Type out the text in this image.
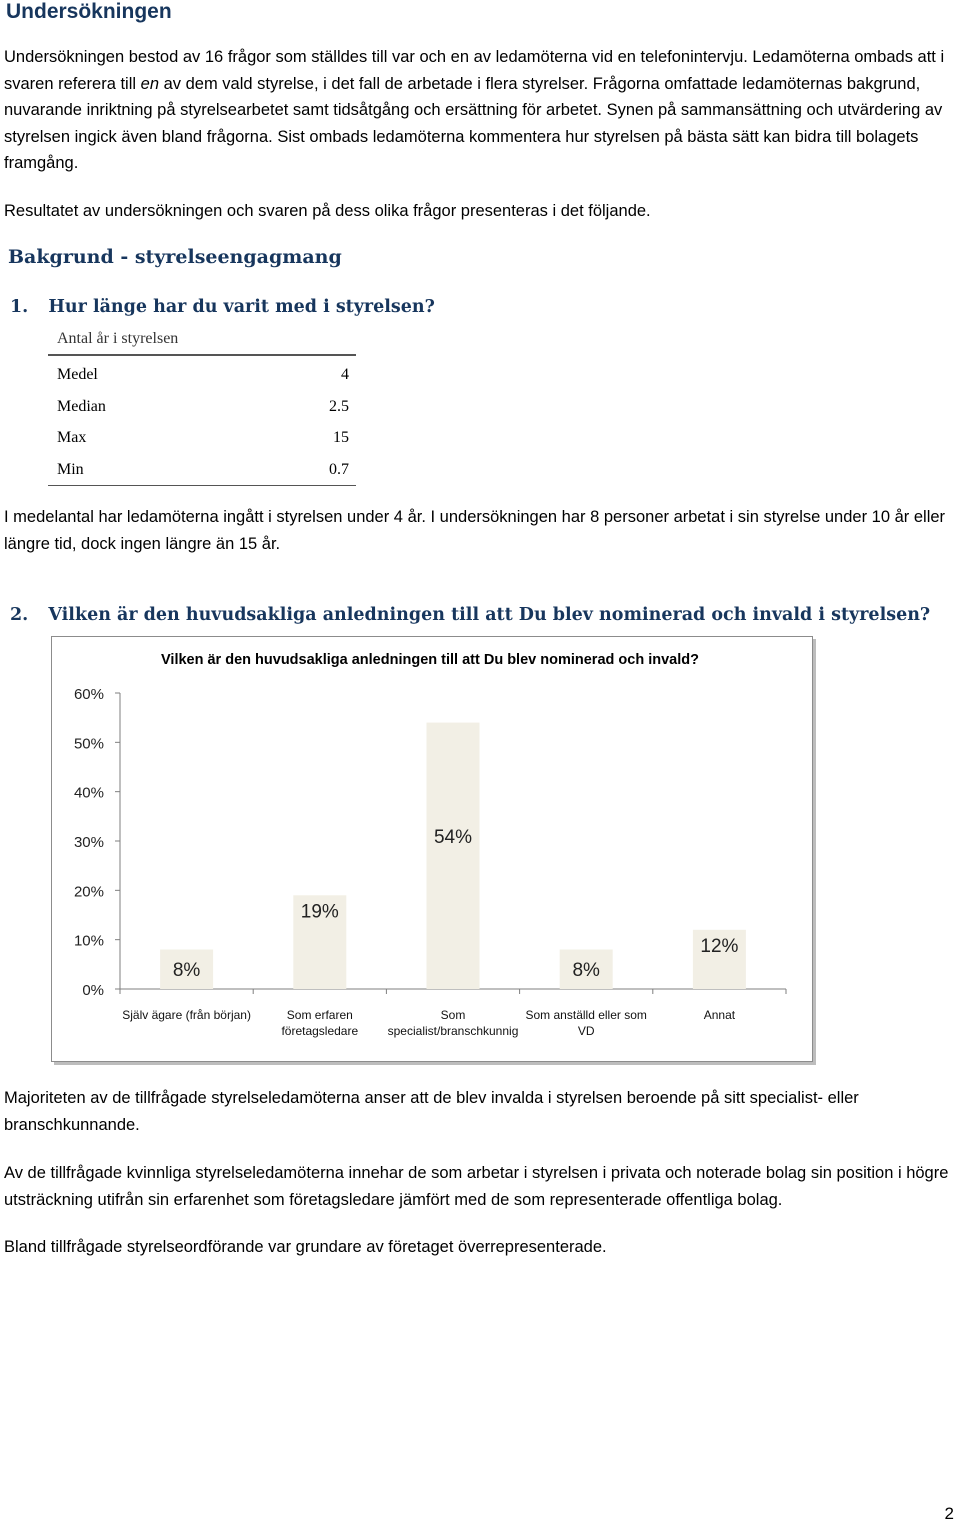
Undersökningen
Undersökningen bestod av 16 frågor som ställdes till var och en av ledamöterna vid en telefonintervju. Ledamöterna ombads att i svaren referera till en av dem vald styrelse, i det fall de arbetade i flera styrelser. Frågorna omfattade ledamöternas bakgrund, nuvarande inriktning på styrelsearbetet samt tidsåtgång och ersättning för arbetet. Synen på sammansättning och utvärdering av styrelsen ingick även bland frågorna. Sist ombads ledamöterna kommentera hur styrelsen på bästa sätt kan bidra till bolagets framgång.
Resultatet av undersökningen och svaren på dess olika frågor presenteras i det följande.
Bakgrund - styrelseengagmang
1. Hur länge har du varit med i styrelsen?
Antal år i styrelsen
Medel	4
Median	2.5
Max	15
Min	0.7
I medelantal har ledamöterna ingått i styrelsen under 4 år. I undersökningen har 8 personer arbetat i sin styrelse under 10 år eller längre tid, dock ingen längre än 15 år.
2. Vilken är den huvudsakliga anledningen till att Du blev nominerad och invald i styrelsen?
Vilken är den huvudsakliga anledningen till att Du blev nominerad och invald?
0%
10%
20%
30%
40%
50%
60%
8%
19%
54%
8%
12%
Själv ägare (från början)	Som erfaren
företagsledare
Som
specialist/branschkunnig
Som anställd eller som
VD
Annat
Majoriteten av de tillfrågade styrelseledamöterna anser att de blev invalda i styrelsen beroende på sitt specialist- eller branschkunnande.
Av de tillfrågade kvinnliga styrelseledamöterna innehar de som arbetar i styrelsen i privata och noterade bolag sin position i högre utsträckning utifrån sin erfarenhet som företagsledare jämfört med de som representerade offentliga bolag.
Bland tillfrågade styrelseordförande var grundare av företaget överrepresenterade.
2
